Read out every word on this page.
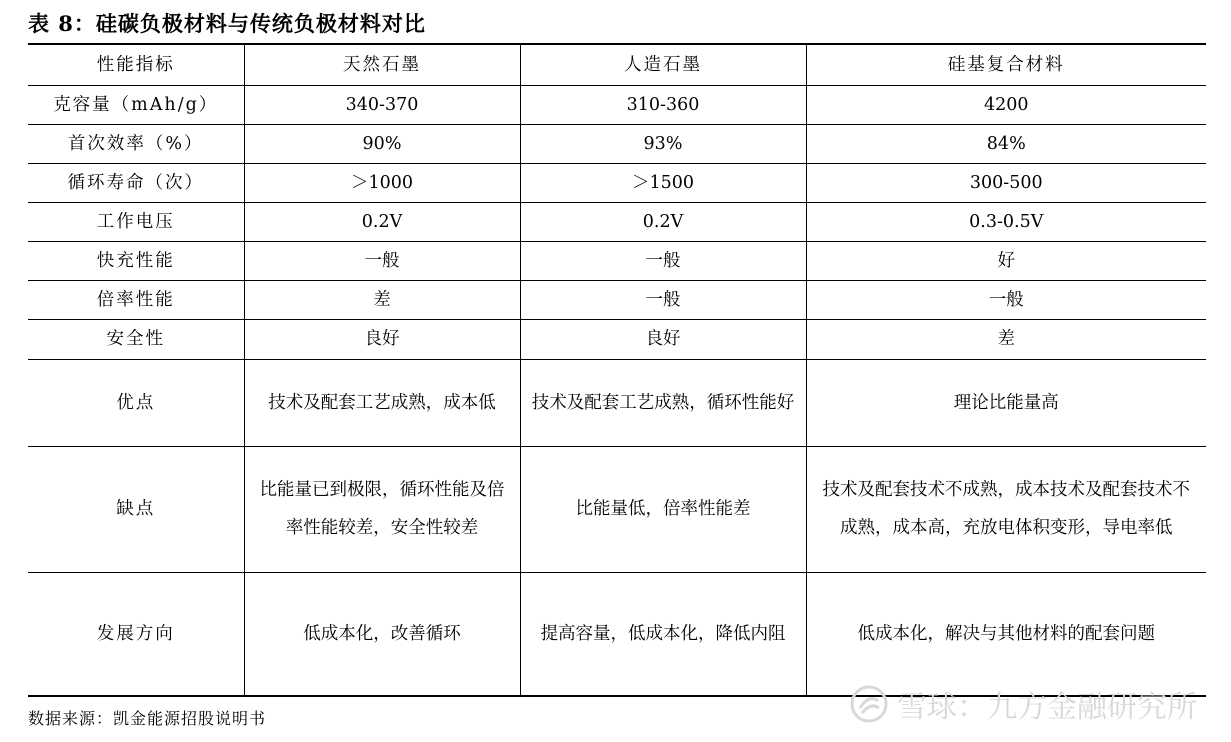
表 8：硅碳负极材料与传统负极材料对比
性能指标	天然石墨	人造石墨	硅基复合材料
克容量（mAh/g）	340-370	310-360	4200
首次效率（%）	90%	93%	84%
循环寿命（次）	＞1000	＞1500	300-500
工作电压	0.2V	0.2V	0.3-0.5V
快充性能	一般	一般	好
倍率性能	差	一般	一般
安全性	良好	良好	差
优点	技术及配套工艺成熟，成本低	技术及配套工艺成熟，循环性能好	理论比能量高
缺点	比能量已到极限，循环性能及倍率性能较差，安全性较差	比能量低，倍率性能差	技术及配套技术不成熟，成本技术及配套技术不成熟，成本高，充放电体积变形，导电率低
发展方向	低成本化，改善循环	提高容量，低成本化，降低内阻	低成本化，解决与其他材料的配套问题
数据来源：凯金能源招股说明书	雪球：九方金融研究所
